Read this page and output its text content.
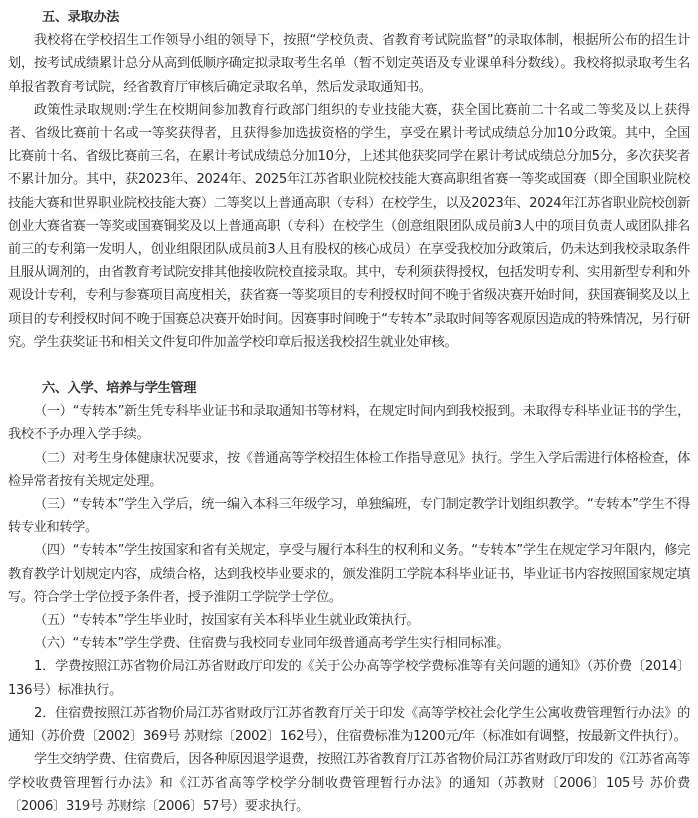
五、录取办法

我校将在学校招生工作领导小组的领导下，按照“学校负责、省教育考试院监督”的录取体制，根据所公布的招生计划，按考试成绩累计总分从高到低顺序确定拟录取考生名单（暂不划定英语及专业课单科分数线）。我校将拟录取考生名单报省教育考试院，经省教育厅审核后确定录取名单，然后发录取通知书。

政策性录取规则:学生在校期间参加教育行政部门组织的专业技能大赛，获全国比赛前二十名或二等奖及以上获得者、省级比赛前十名或一等奖获得者，且获得参加选拔资格的学生，享受在累计考试成绩总分加10分政策。其中，全国比赛前十名、省级比赛前三名，在累计考试成绩总分加10分，上述其他获奖同学在累计考试成绩总分加5分，多次获奖者不累计加分。其中，获2023年、2024年、2025年江苏省职业院校技能大赛高职组省赛一等奖或国赛（即全国职业院校技能大赛和世界职业院校技能大赛）二等奖以上普通高职（专科）在校学生，以及2023年、2024年江苏省职业院校创新创业大赛省赛一等奖或国赛铜奖及以上普通高职（专科）在校学生（创意组限团队成员前3人中的项目负责人或团队排名前三的专利第一发明人，创业组限团队成员前3人且有股权的核心成员）在享受我校加分政策后，仍未达到我校录取条件且服从调剂的，由省教育考试院安排其他接收院校直接录取。其中，专利须获得授权，包括发明专利、实用新型专利和外观设计专利，专利与参赛项目高度相关，获省赛一等奖项目的专利授权时间不晚于省级决赛开始时间，获国赛铜奖及以上项目的专利授权时间不晚于国赛总决赛开始时间。因赛事时间晚于“专转本”录取时间等客观原因造成的特殊情况，另行研究。学生获奖证书和相关文件复印件加盖学校印章后报送我校招生就业处审核。

六、入学、培养与学生管理

（一）“专转本”新生凭专科毕业证书和录取通知书等材料，在规定时间内到我校报到。未取得专科毕业证书的学生，我校不予办理入学手续。

（二）对考生身体健康状况要求，按《普通高等学校招生体检工作指导意见》执行。学生入学后需进行体格检查，体检异常者按有关规定处理。

（三）“专转本”学生入学后，统一编入本科三年级学习，单独编班，专门制定教学计划组织教学。“专转本”学生不得转专业和转学。

（四）“专转本”学生按国家和省有关规定，享受与履行本科生的权利和义务。“专转本”学生在规定学习年限内，修完教育教学计划规定内容，成绩合格，达到我校毕业要求的，颁发淮阴工学院本科毕业证书，毕业证书内容按照国家规定填写。符合学士学位授予条件者，授予淮阴工学院学士学位。

（五）“专转本”学生毕业时，按国家有关本科毕业生就业政策执行。

（六）“专转本”学生学费、住宿费与我校同专业同年级普通高考学生实行相同标准。

1．学费按照江苏省物价局江苏省财政厅印发的《关于公办高等学校学费标准等有关问题的通知》（苏价费〔2014〕136号）标准执行。

2．住宿费按照江苏省物价局江苏省财政厅江苏省教育厅关于印发《高等学校社会化学生公寓收费管理暂行办法》的通知（苏价费〔2002〕369号 苏财综〔2002〕162号），住宿费标准为1200元/年（标准如有调整，按最新文件执行）。

学生交纳学费、住宿费后，因各种原因退学退费，按照江苏省教育厅江苏省物价局江苏省财政厅印发的《江苏省高等学校收费管理暂行办法》和《江苏省高等学校学分制收费管理暂行办法》的通知（苏教财〔2006〕105号 苏价费〔2006〕319号 苏财综〔2006〕57号）要求执行。
